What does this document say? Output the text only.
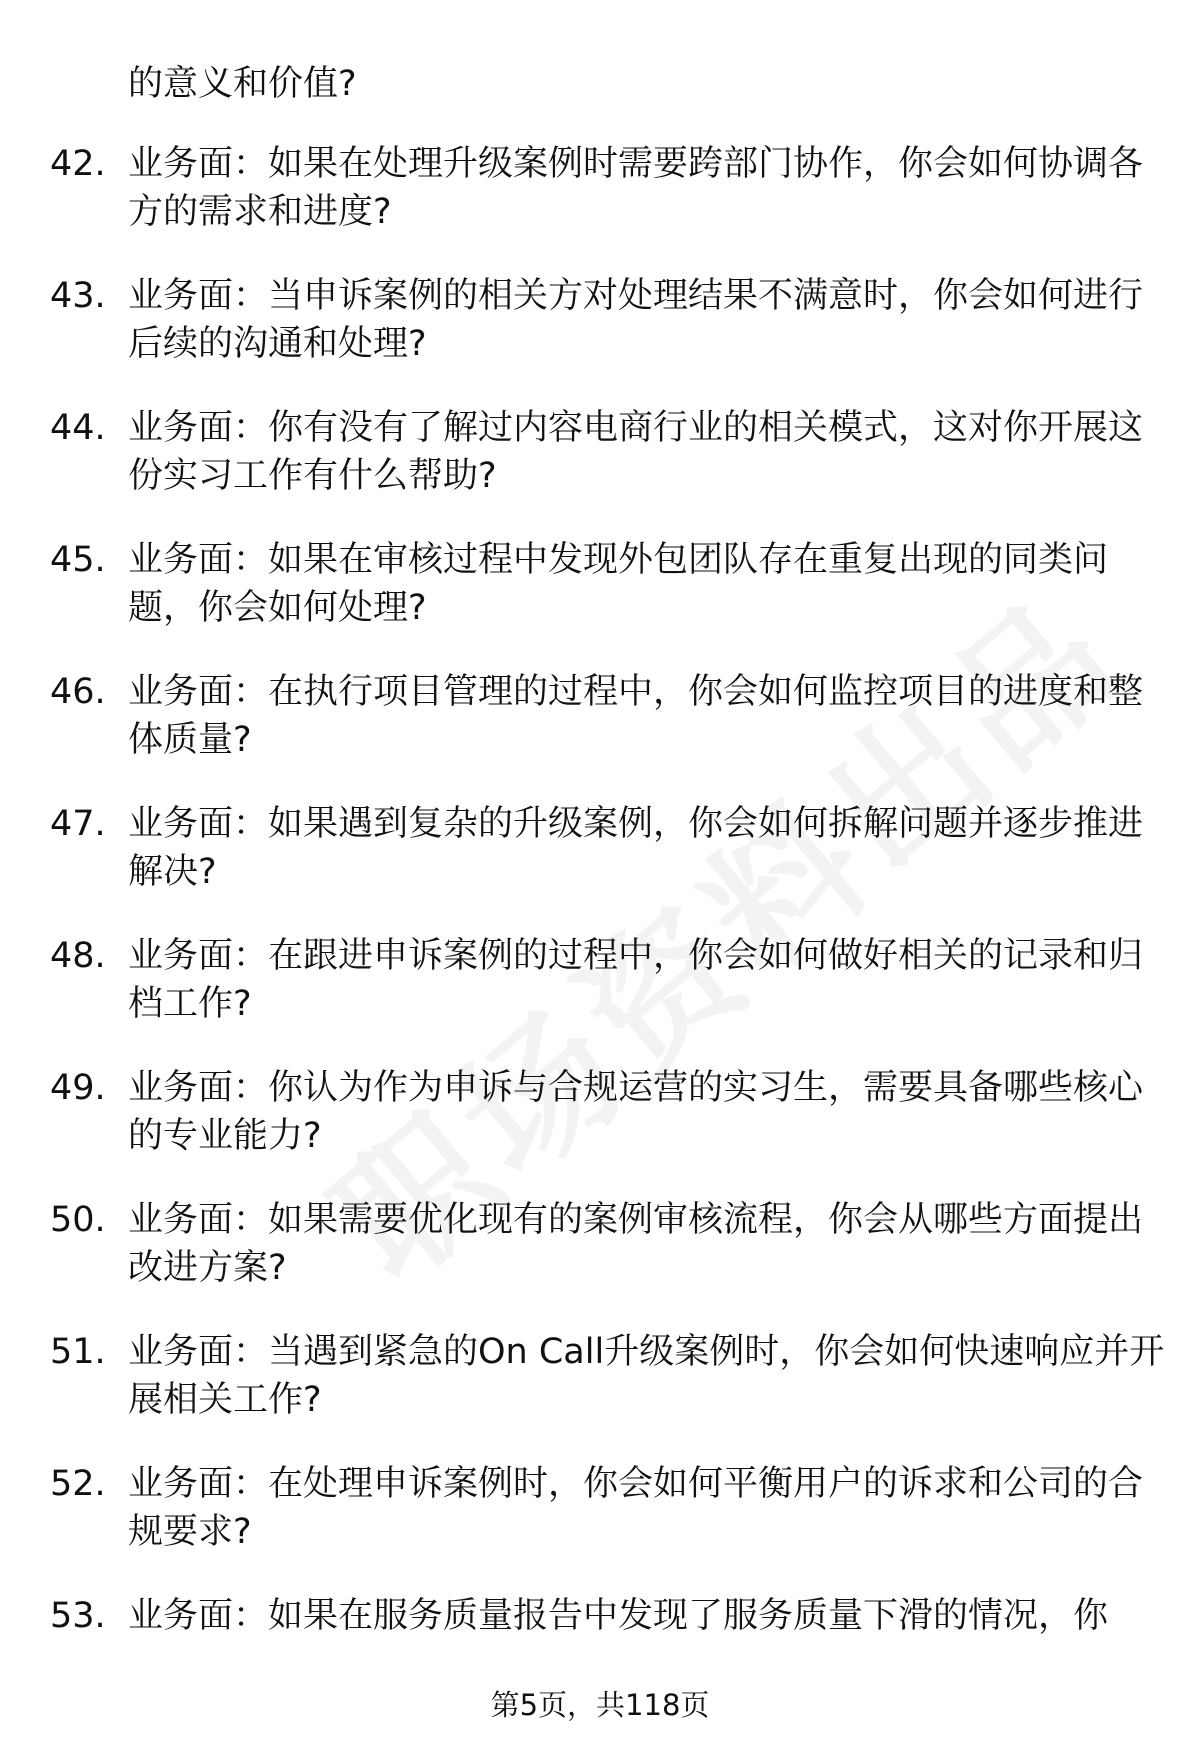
的意义和价值?

42. 业务面：如果在处理升级案例时需要跨部门协作，你会如何协调各方的需求和进度?

43. 业务面：当申诉案例的相关方对处理结果不满意时，你会如何进行后续的沟通和处理?

44. 业务面：你有没有了解过内容电商行业的相关模式，这对你开展这份实习工作有什么帮助?

45. 业务面：如果在审核过程中发现外包团队存在重复出现的同类问题，你会如何处理?

46. 业务面：在执行项目管理的过程中，你会如何监控项目的进度和整体质量?

47. 业务面：如果遇到复杂的升级案例，你会如何拆解问题并逐步推进解决?

48. 业务面：在跟进申诉案例的过程中，你会如何做好相关的记录和归档工作?

49. 业务面：你认为作为申诉与合规运营的实习生，需要具备哪些核心的专业能力?

50. 业务面：如果需要优化现有的案例审核流程，你会从哪些方面提出改进方案?

51. 业务面：当遇到紧急的On Call升级案例时，你会如何快速响应并开展相关工作?

52. 业务面：在处理申诉案例时，你会如何平衡用户的诉求和公司的合规要求?

53. 业务面：如果在服务质量报告中发现了服务质量下滑的情况，你

第5页，共118页
